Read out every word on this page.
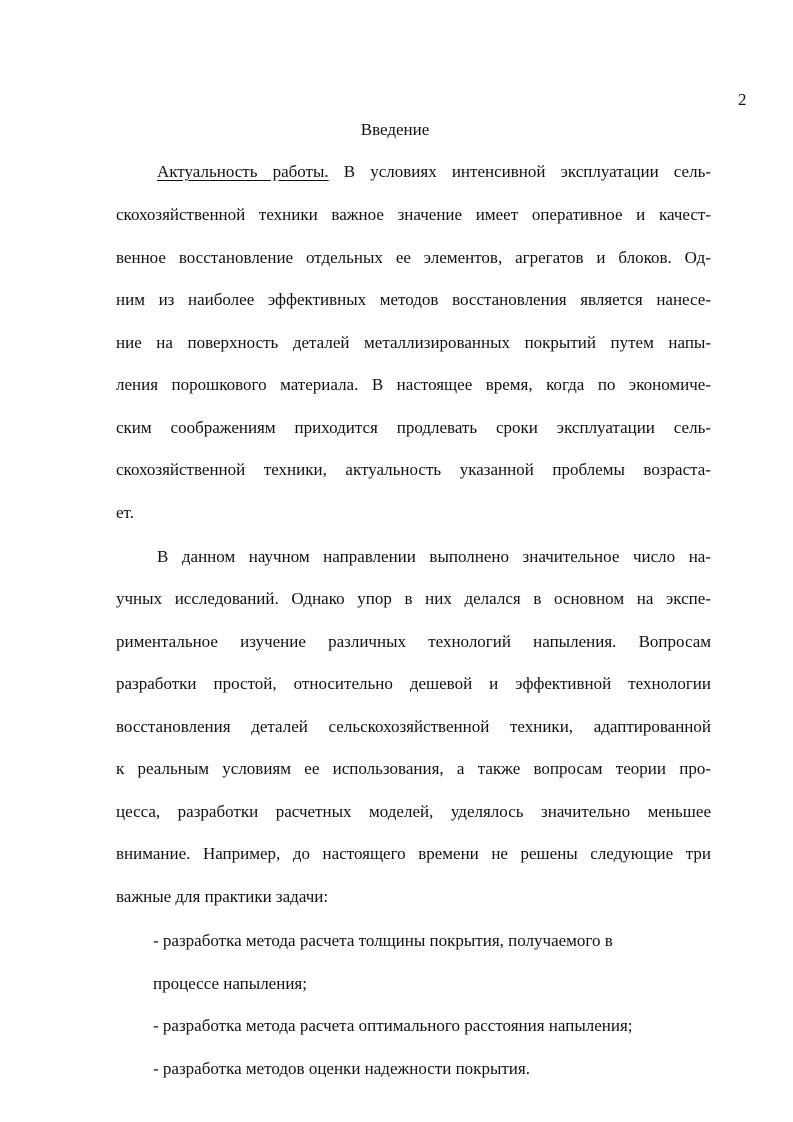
2
Введение
Актуальность работы. В условиях интенсивной эксплуатации сель-
скохозяйственной техники важное значение имеет оперативное и качест-
венное восстановление отдельных ее элементов, агрегатов и блоков. Од-
ним из наиболее эффективных методов восстановления является нанесе-
ние на поверхность деталей металлизированных покрытий путем напы-
ления порошкового материала. В настоящее время, когда по экономиче-
ским соображениям приходится продлевать сроки эксплуатации сель-
скохозяйственной техники, актуальность указанной проблемы возраста-
ет.
В данном научном направлении выполнено значительное число на-
учных исследований. Однако упор в них делался в основном на экспе-
риментальное изучение различных технологий напыления. Вопросам
разработки простой, относительно дешевой и эффективной технологии
восстановления деталей сельскохозяйственной техники, адаптированной
к реальным условиям ее использования, а также вопросам теории про-
цесса, разработки расчетных моделей, уделялось значительно меньшее
внимание. Например, до настоящего времени не решены следующие три
важные для практики задачи:
- разработка метода расчета толщины покрытия, получаемого в
процессе напыления;
- разработка метода расчета оптимального расстояния напыления;
- разработка методов оценки надежности покрытия.
